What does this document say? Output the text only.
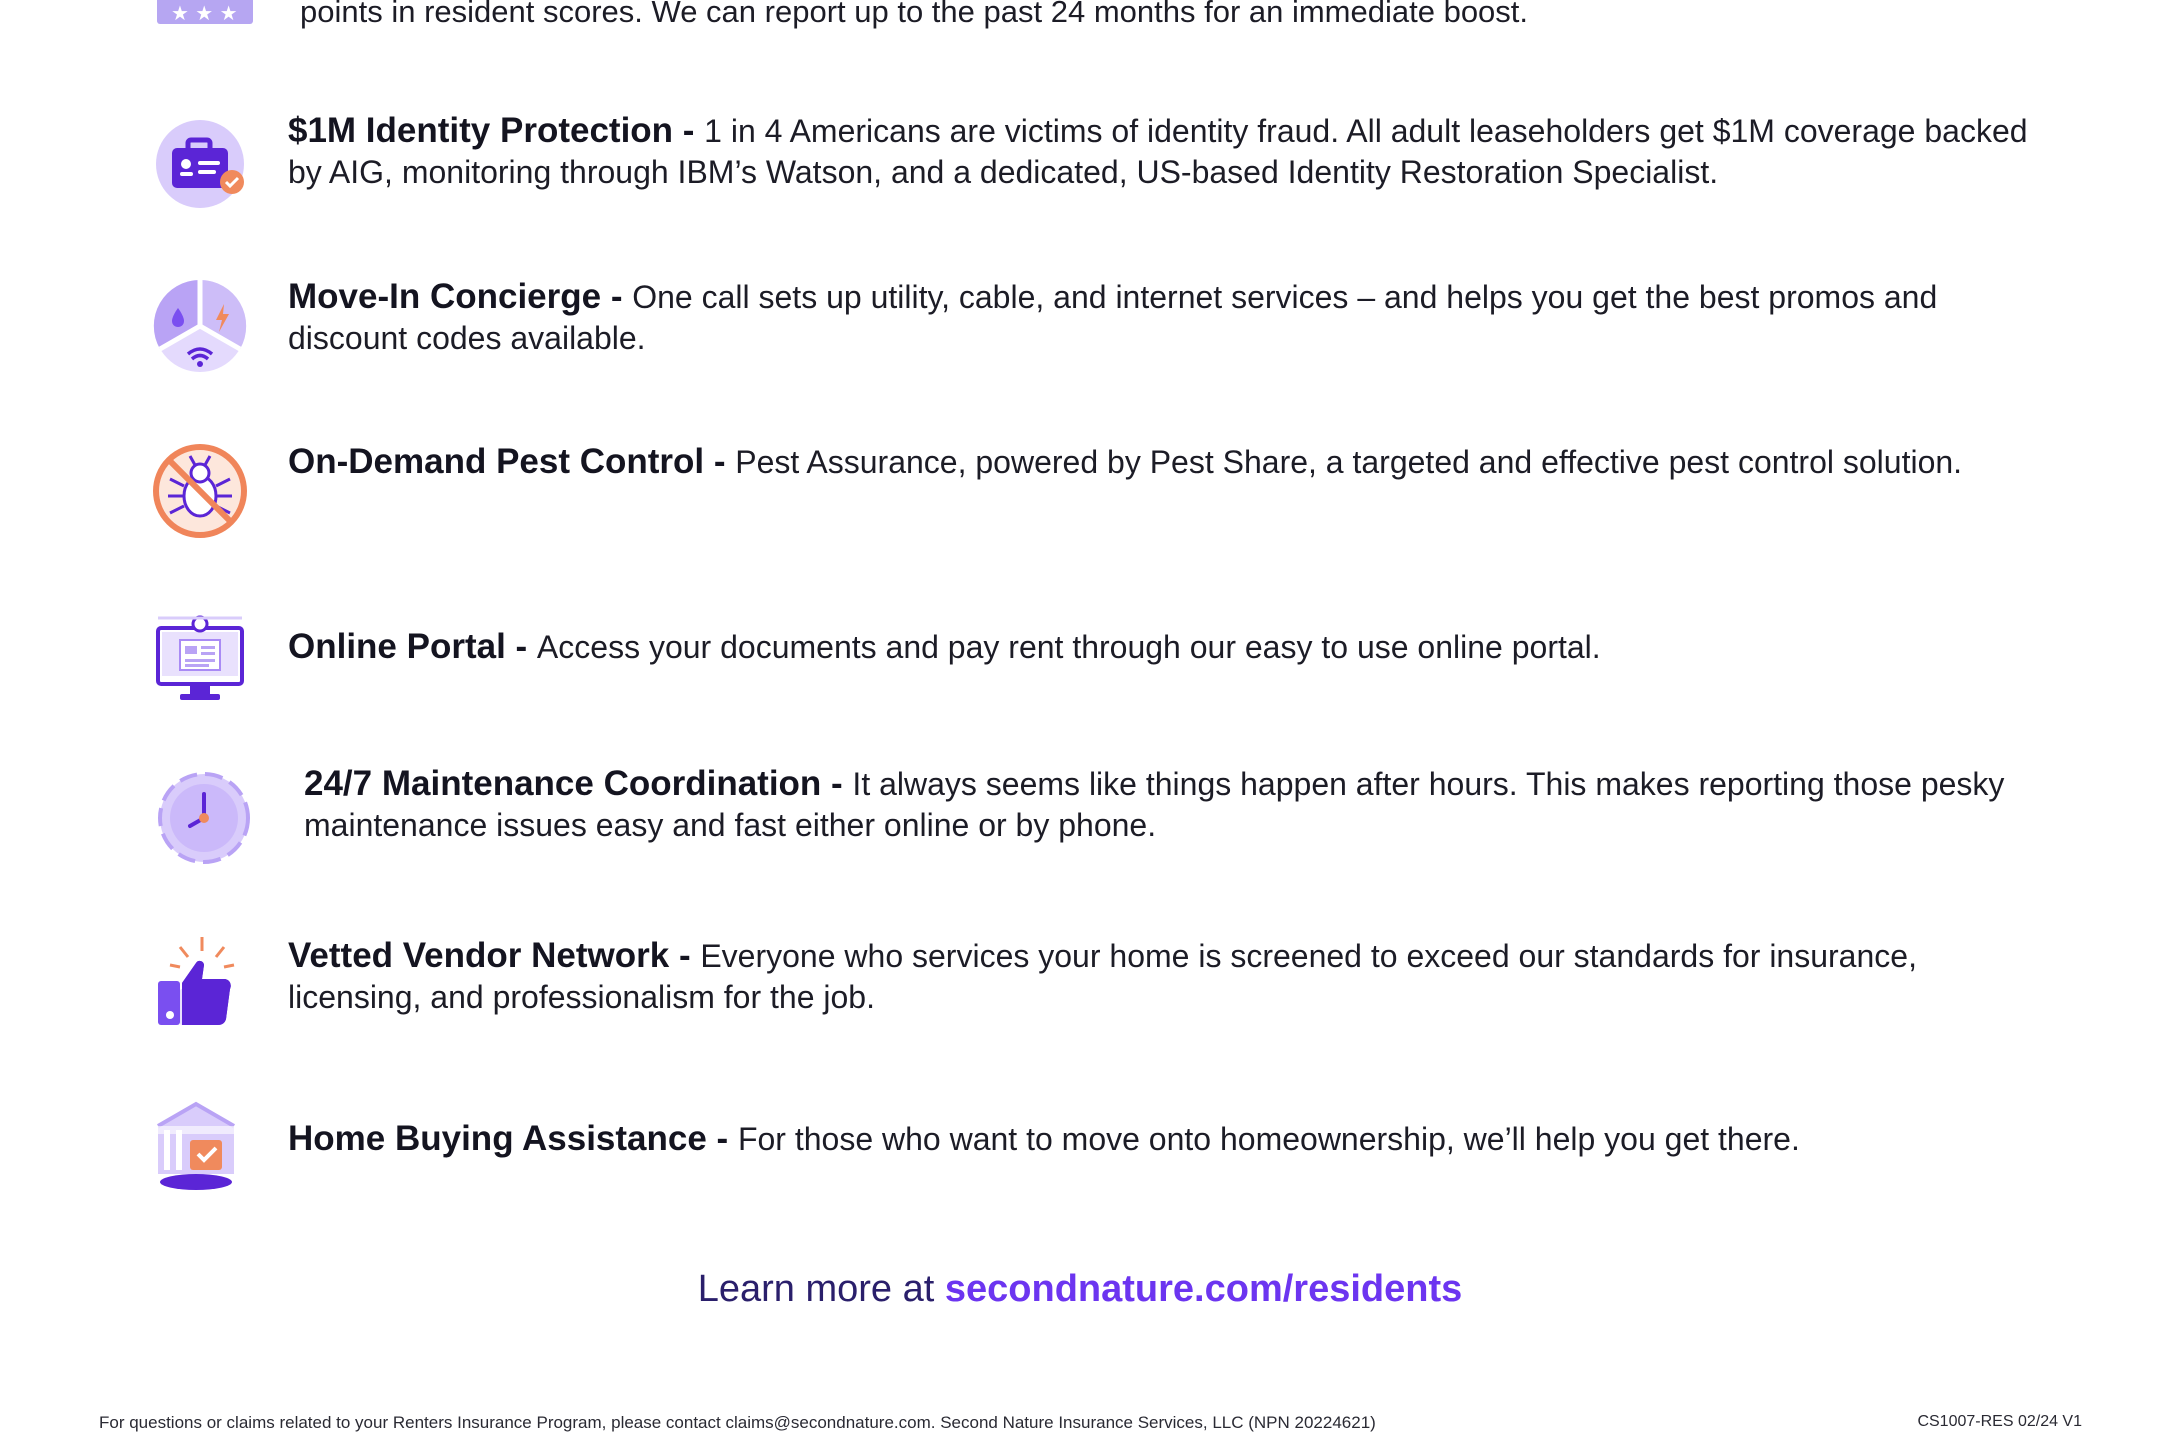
★ ★ ★ points in resident scores. We can report up to the past 24 months for an immediate boost.
$1M Identity Protection - 1 in 4 Americans are victims of identity fraud. All adult leaseholders get $1M coverage backed by AIG, monitoring through IBM’s Watson, and a dedicated, US-based Identity Restoration Specialist.
Move-In Concierge - One call sets up utility, cable, and internet services – and helps you get the best promos and discount codes available.
On-Demand Pest Control - Pest Assurance, powered by Pest Share, a targeted and effective pest control solution.
Online Portal - Access your documents and pay rent through our easy to use online portal.
24/7 Maintenance Coordination - It always seems like things happen after hours. This makes reporting those pesky maintenance issues easy and fast either online or by phone.
Vetted Vendor Network - Everyone who services your home is screened to exceed our standards for insurance, licensing, and professionalism for the job.
Home Buying Assistance - For those who want to move onto homeownership, we’ll help you get there.
Learn more at secondnature.com/residents
For questions or claims related to your Renters Insurance Program, please contact claims@secondnature.com. Second Nature Insurance Services, LLC (NPN 20224621)	CS1007-RES 02/24 V1
